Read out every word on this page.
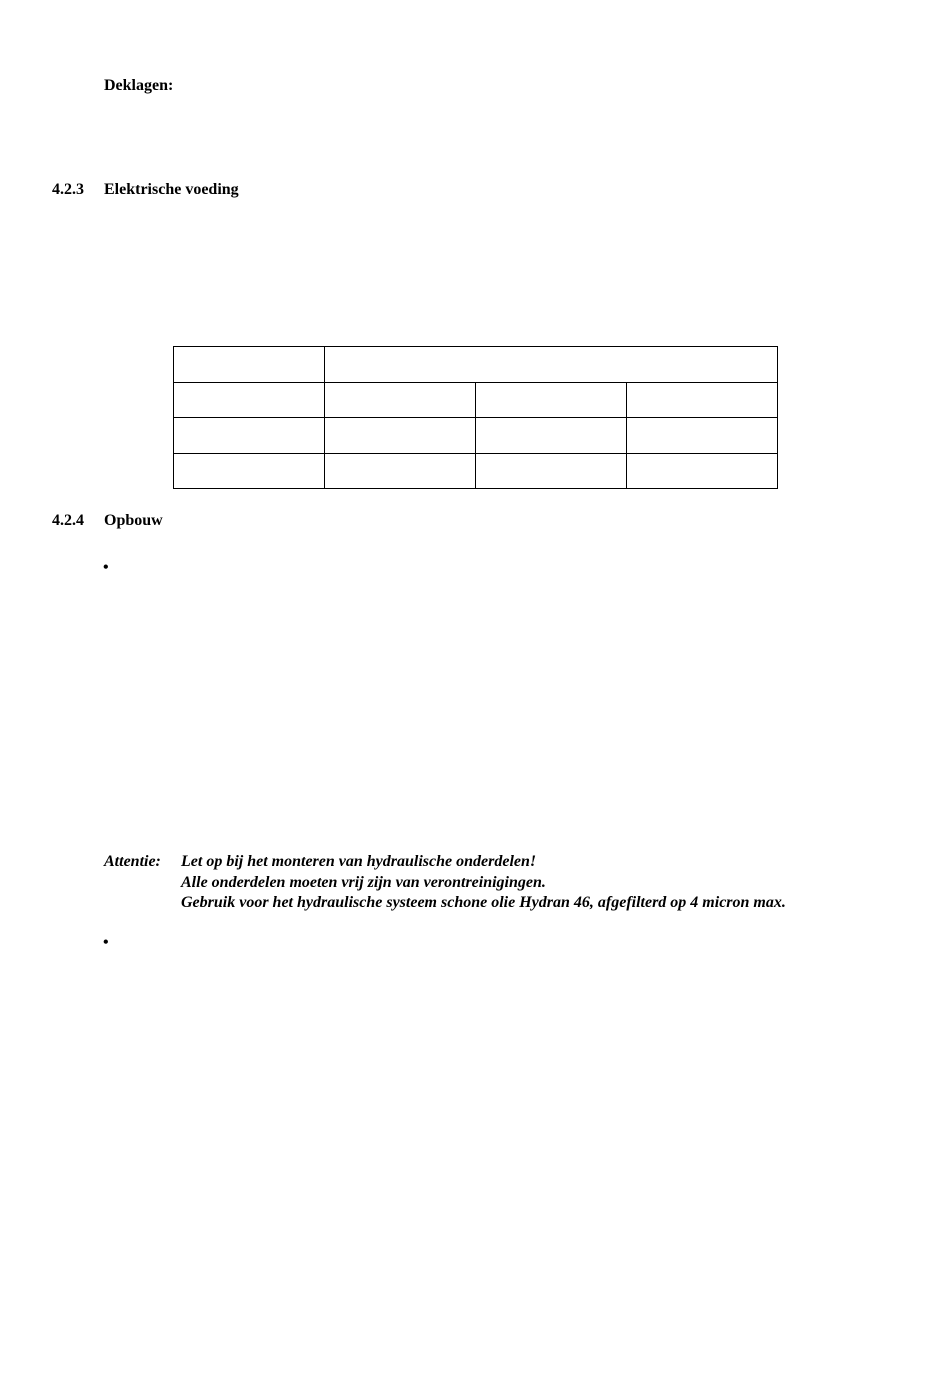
Deklagen:
4.2.3 Elektrische voeding

4.2.4 Opbouw
•
Attentie: Let op bij het monteren van hydraulische onderdelen!
Alle onderdelen moeten vrij zijn van verontreinigingen.
Gebruik voor het hydraulische systeem schone olie Hydran 46, afgefilterd op 4 micron max.
•
